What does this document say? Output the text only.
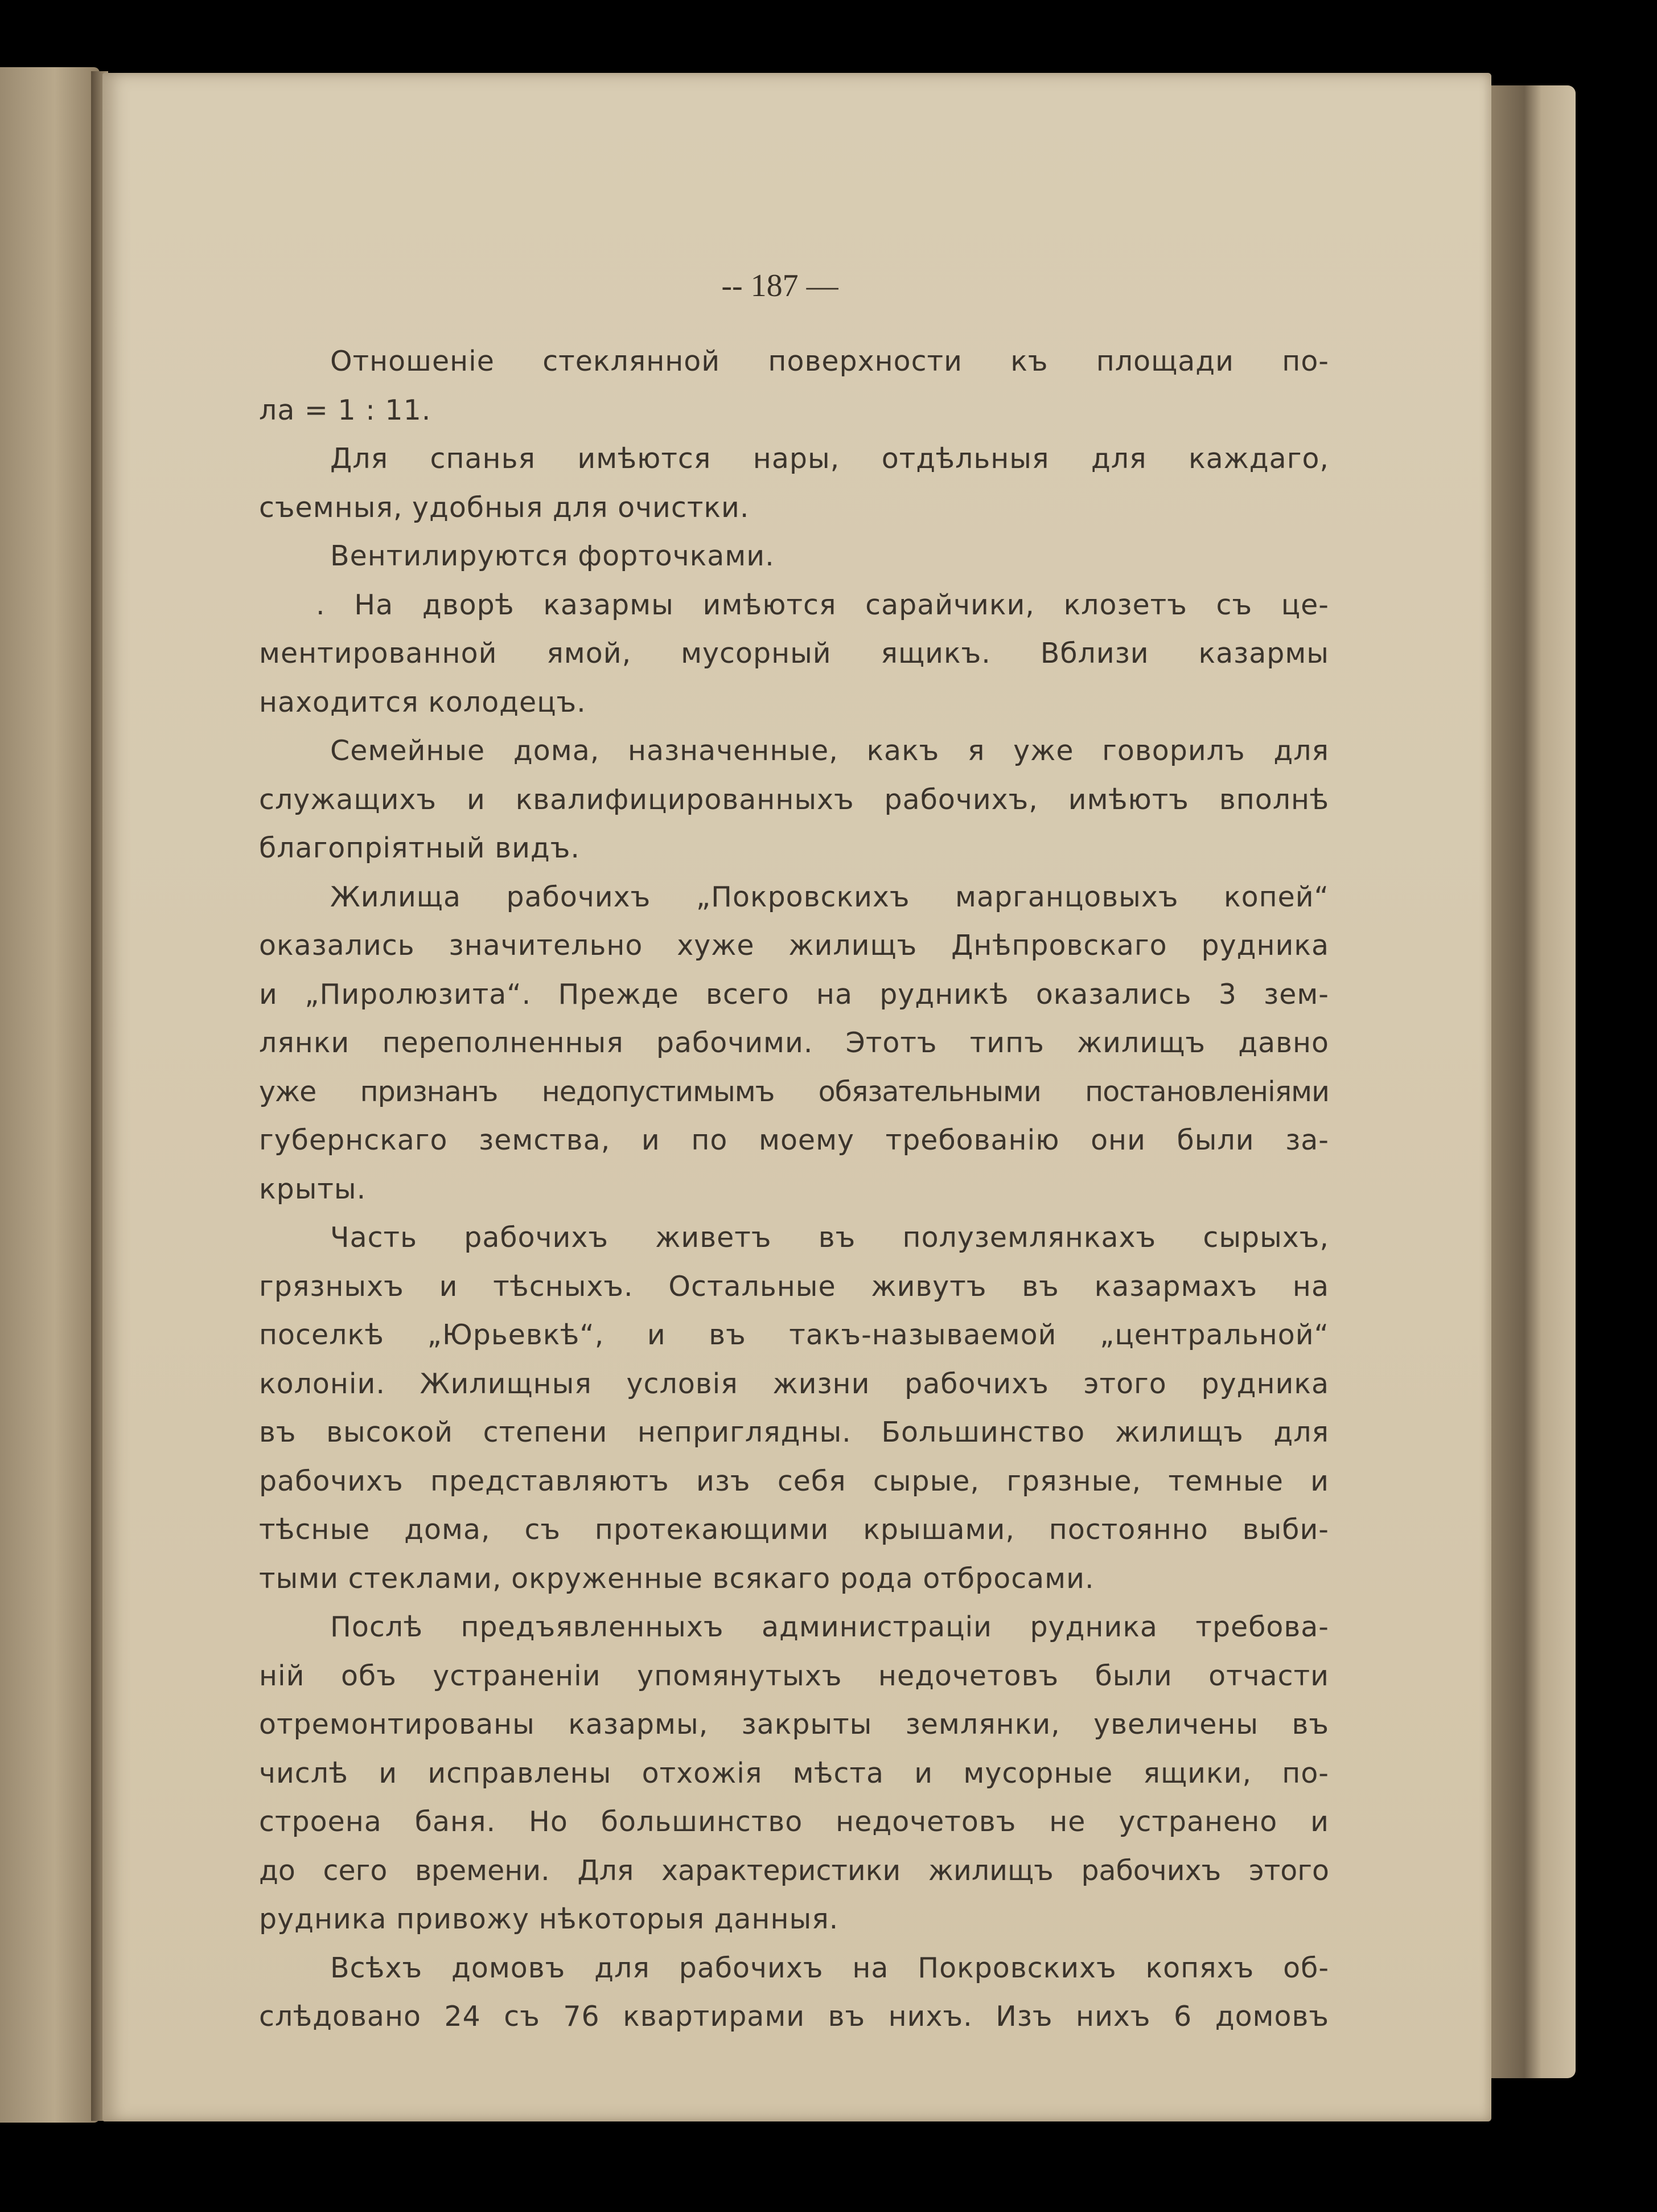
-- 187 —
Отношенiе стеклянной поверхности къ площади по-
ла = 1 : 11.
Для спанья имѣются нары, отдѣльныя для каждаго,
съемныя, удобныя для очистки.
Вентилируются форточками.
. На дворѣ казармы имѣются сарайчики, клозетъ съ це-
ментированной ямой, мусорный ящикъ. Вблизи казармы
находится колодецъ.
Семейные дома, назначенные, какъ я уже говорилъ для
служащихъ и квалифицированныхъ рабочихъ, имѣютъ вполнѣ
благопрiятный видъ.
Жилища рабочихъ „Покровскихъ марганцовыхъ копей“
оказались значительно хуже жилищъ Днѣпровскаго рудника
и „Пиролюзита“. Прежде всего на рудникѣ оказались 3 зем-
лянки переполненныя рабочими. Этотъ типъ жилищъ давно
уже признанъ недопустимымъ обязательными постановленiями
губернскаго земства, и по моему требованiю они были за-
крыты.
Часть рабочихъ живетъ въ полуземлянкахъ сырыхъ,
грязныхъ и тѣсныхъ. Остальные живутъ въ казармахъ на
поселкѣ „Юрьевкѣ“, и въ такъ-называемой „центральной“
колонiи. Жилищныя условiя жизни рабочихъ этого рудника
въ высокой степени неприглядны. Большинство жилищъ для
рабочихъ представляютъ изъ себя сырые, грязные, темные и
тѣсные дома, съ протекающими крышами, постоянно выби-
тыми стеклами, окруженные всякаго рода отбросами.
Послѣ предъявленныхъ администрацiи рудника требова-
нiй объ устраненiи упомянутыхъ недочетовъ были отчасти
отремонтированы казармы, закрыты землянки, увеличены въ
числѣ и исправлены отхожiя мѣста и мусорные ящики, по-
строена баня. Но большинство недочетовъ не устранено и
до сего времени. Для характеристики жилищъ рабочихъ этого
рудника привожу нѣкоторыя данныя.
Всѣхъ домовъ для рабочихъ на Покровскихъ копяхъ об-
слѣдовано 24 съ 76 квартирами въ нихъ. Изъ нихъ 6 домовъ
